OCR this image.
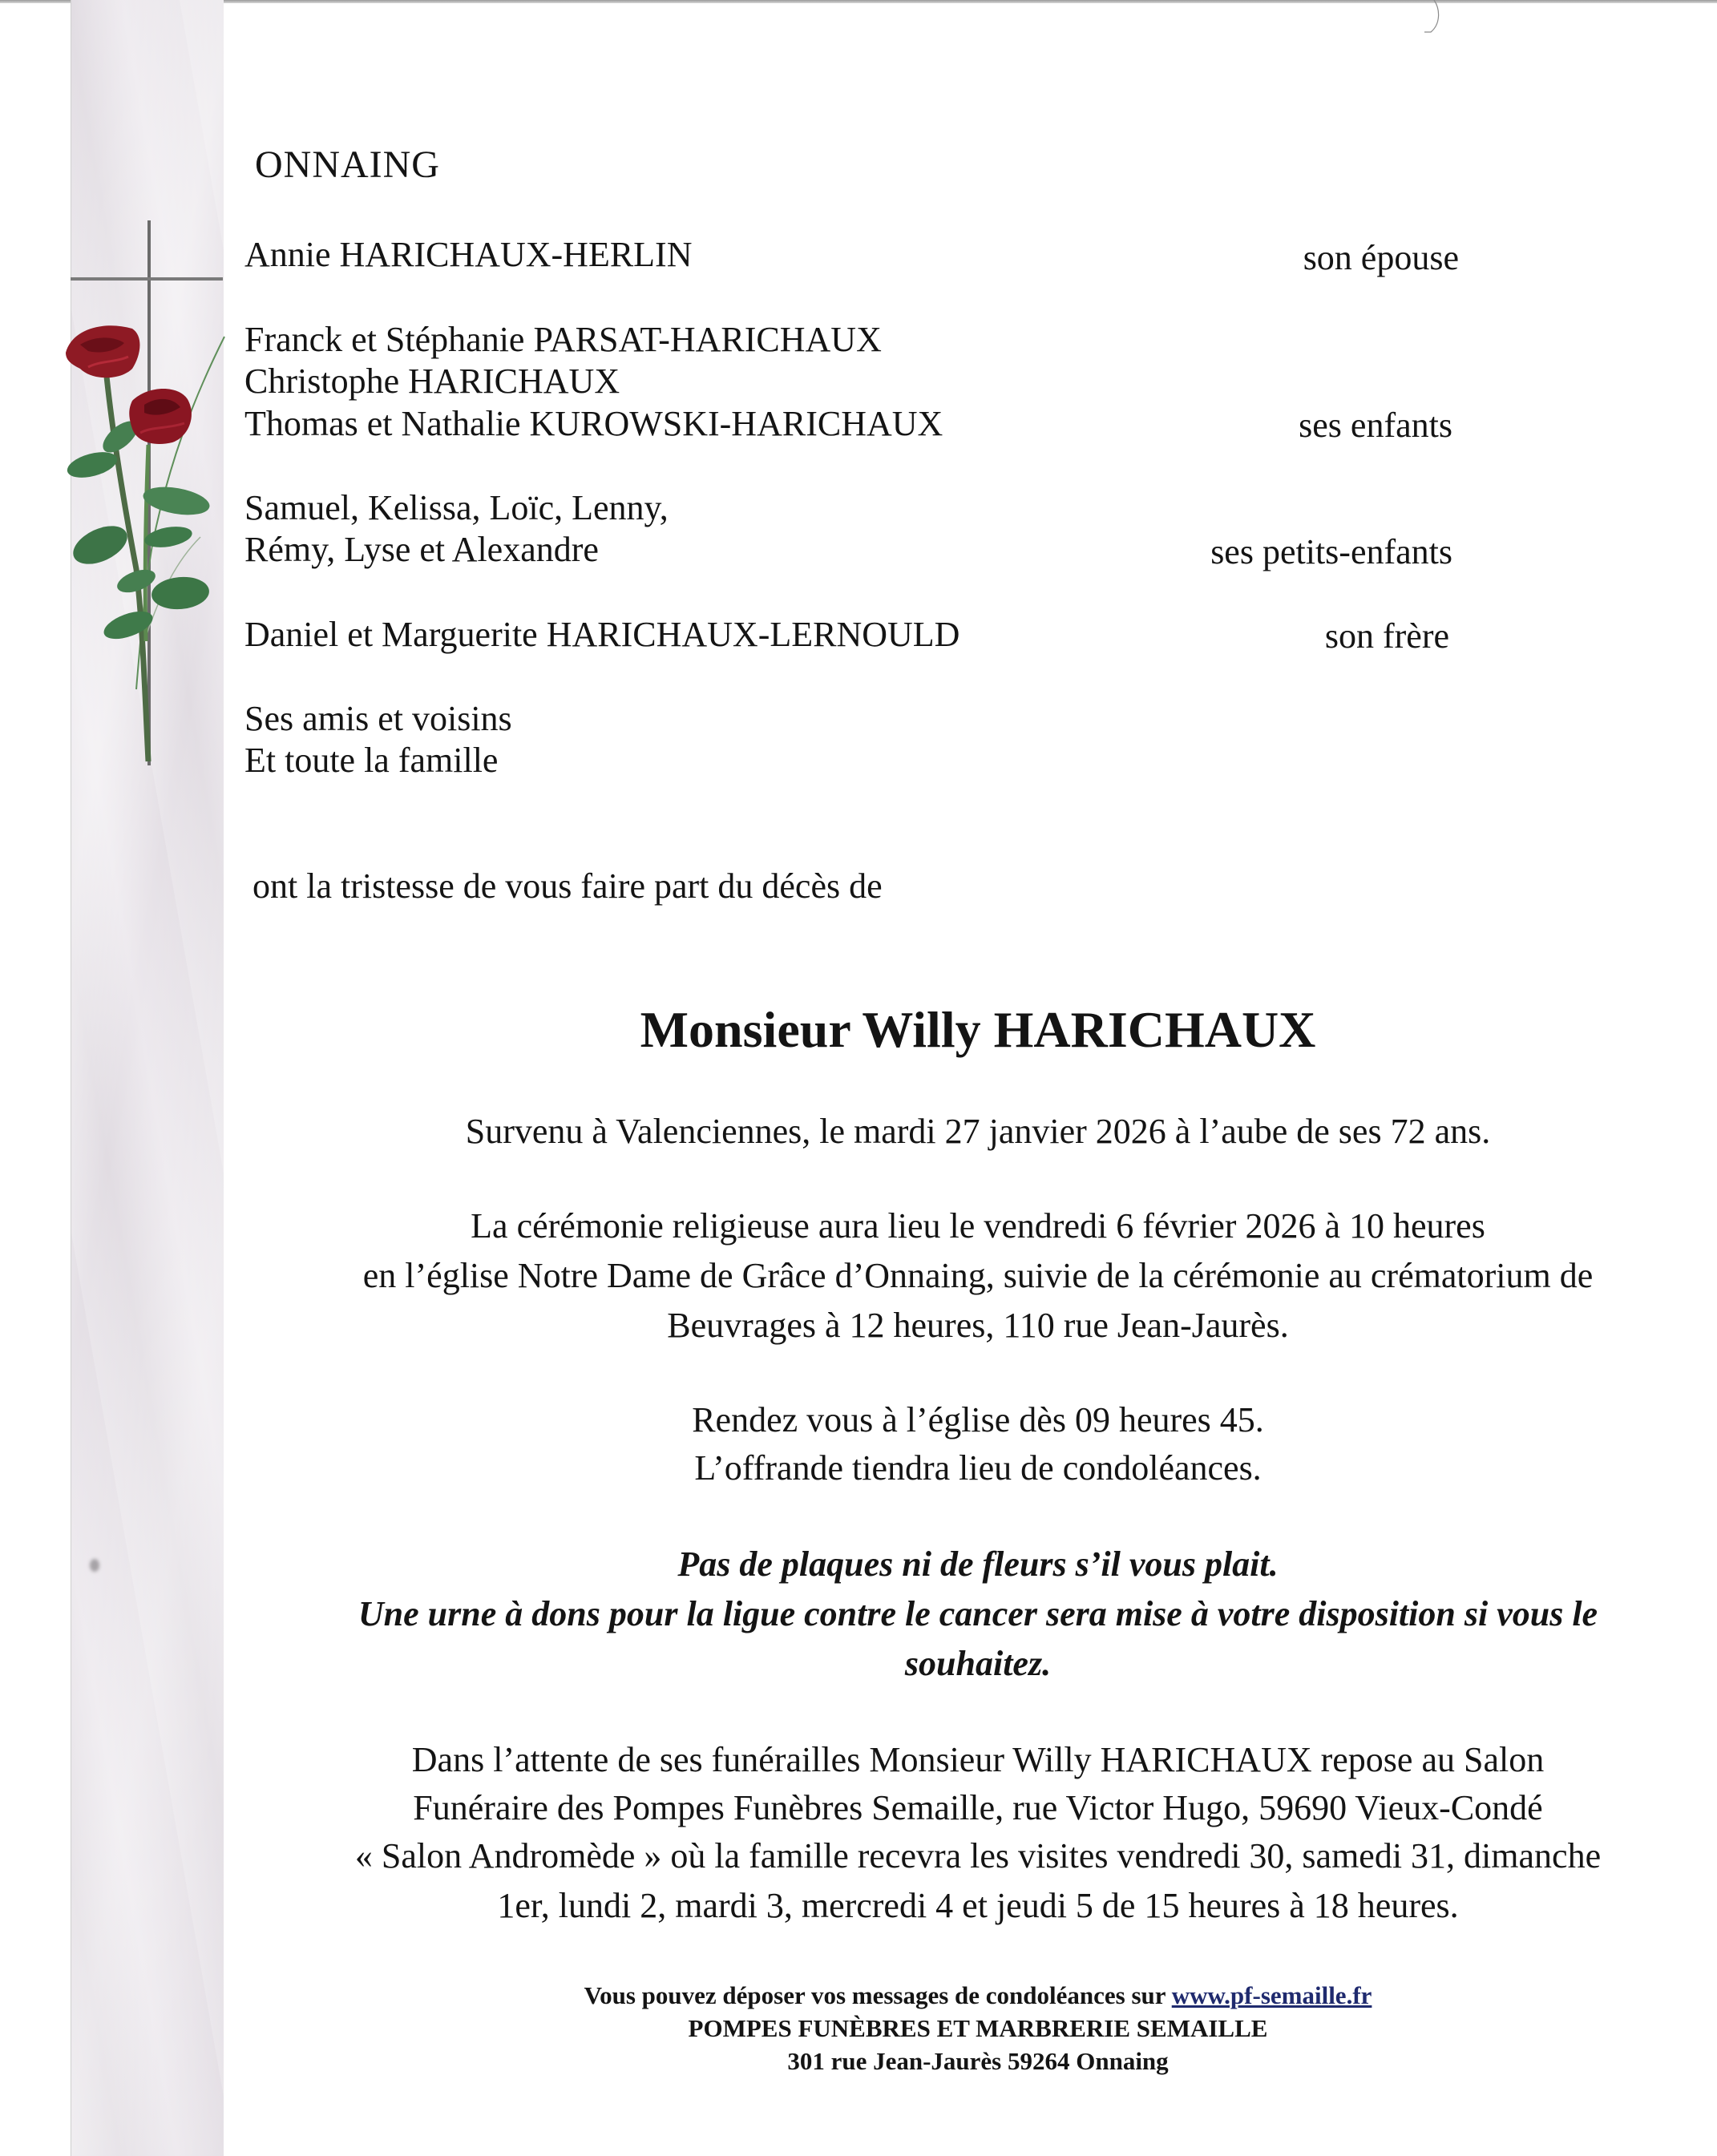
ONNAING
Annie HARICHAUX-HERLIN	son épouse
Franck et Stéphanie PARSAT-HARICHAUX
Christophe HARICHAUX
Thomas et Nathalie KUROWSKI-HARICHAUX	ses enfants
Samuel, Kelissa, Loïc, Lenny,
Rémy, Lyse et Alexandre	ses petits-enfants
Daniel et Marguerite HARICHAUX-LERNOULD	son frère
Ses amis et voisins
Et toute la famille
ont la tristesse de vous faire part du décès de
Monsieur Willy HARICHAUX
Survenu à Valenciennes, le mardi 27 janvier 2026 à l’aube de ses 72 ans.
La cérémonie religieuse aura lieu le vendredi 6 février 2026 à 10 heures
en l’église Notre Dame de Grâce d’Onnaing, suivie de la cérémonie au crématorium de
Beuvrages à 12 heures, 110 rue Jean-Jaurès.
Rendez vous à l’église dès 09 heures 45.
L’offrande tiendra lieu de condoléances.
Pas de plaques ni de fleurs s’il vous plait.
Une urne à dons pour la ligue contre le cancer sera mise à votre disposition si vous le
souhaitez.
Dans l’attente de ses funérailles Monsieur Willy HARICHAUX repose au Salon
Funéraire des Pompes Funèbres Semaille, rue Victor Hugo, 59690 Vieux-Condé
« Salon Andromède » où la famille recevra les visites vendredi 30, samedi 31, dimanche
1er, lundi 2, mardi 3, mercredi 4 et jeudi 5 de 15 heures à 18 heures.
Vous pouvez déposer vos messages de condoléances sur www.pf-semaille.fr
POMPES FUNÈBRES ET MARBRERIE SEMAILLE
301 rue Jean-Jaurès 59264 Onnaing
